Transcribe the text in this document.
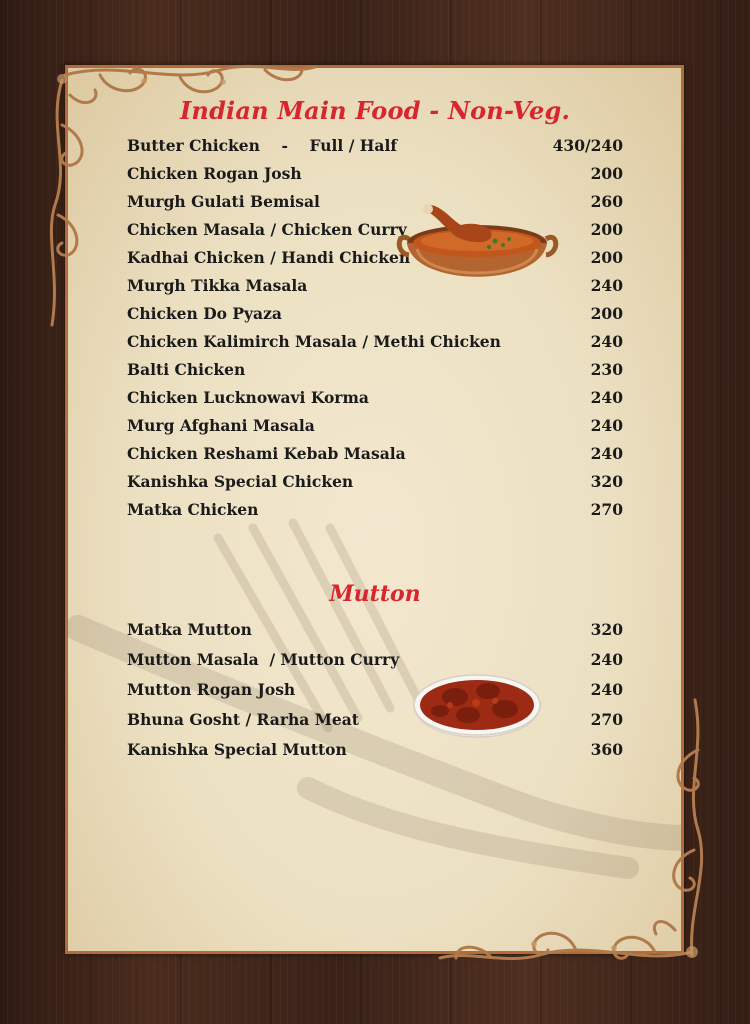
Indian Main Food - Non-Veg.
Butter Chicken    -    Full / Half	430/240
Chicken Rogan Josh	200
Murgh Gulati Bemisal	260
Chicken Masala / Chicken Curry	200
Kadhai Chicken / Handi Chicken	200
Murgh Tikka Masala	240
Chicken Do Pyaza	200
Chicken Kalimirch Masala / Methi Chicken	240
Balti Chicken	230
Chicken Lucknowavi Korma	240
Murg Afghani Masala	240
Chicken Reshami Kebab Masala	240
Kanishka Special Chicken	320
Matka Chicken	270
Mutton
Matka Mutton	320
Mutton Masala  / Mutton Curry	240
Mutton Rogan Josh	240
Bhuna Gosht / Rarha Meat	270
Kanishka Special Mutton	360
